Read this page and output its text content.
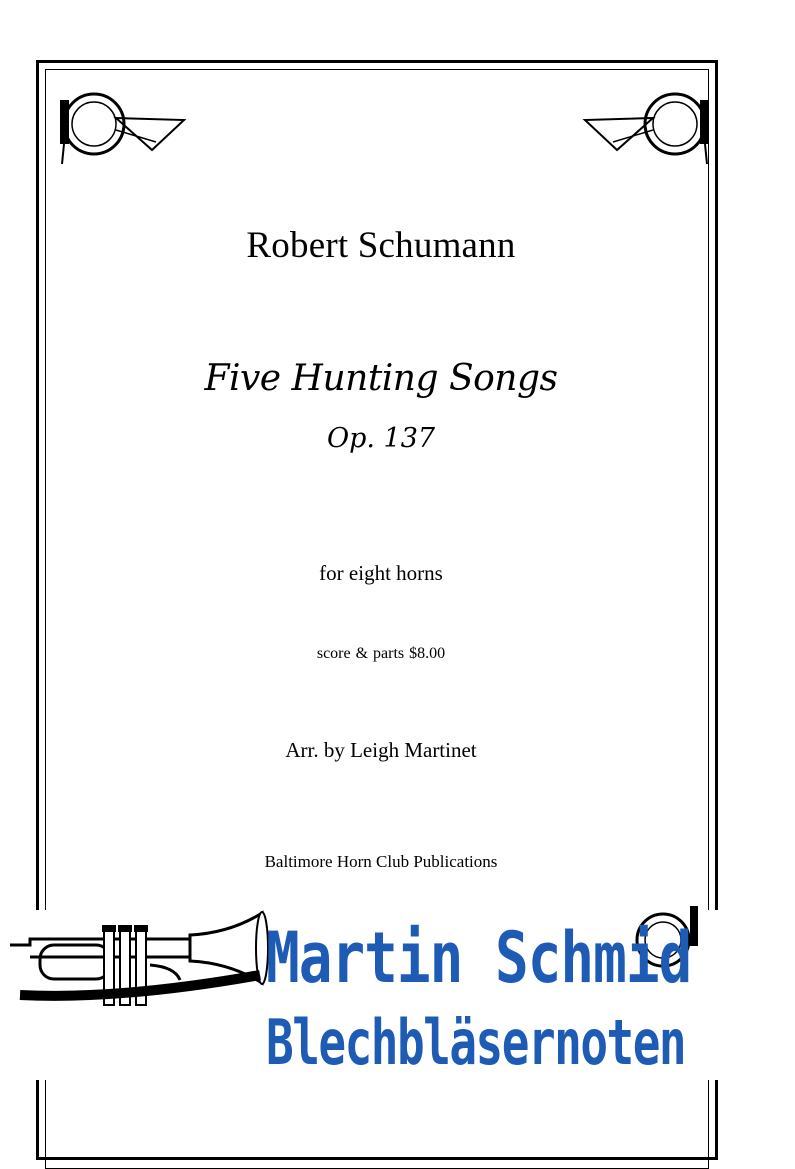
Robert Schumann
Five Hunting Songs
Op. 137
for eight horns
score & parts $8.00
Arr. by Leigh Martinet
Baltimore Horn Club Publications
Martin Schmid
Blechbläsernoten
